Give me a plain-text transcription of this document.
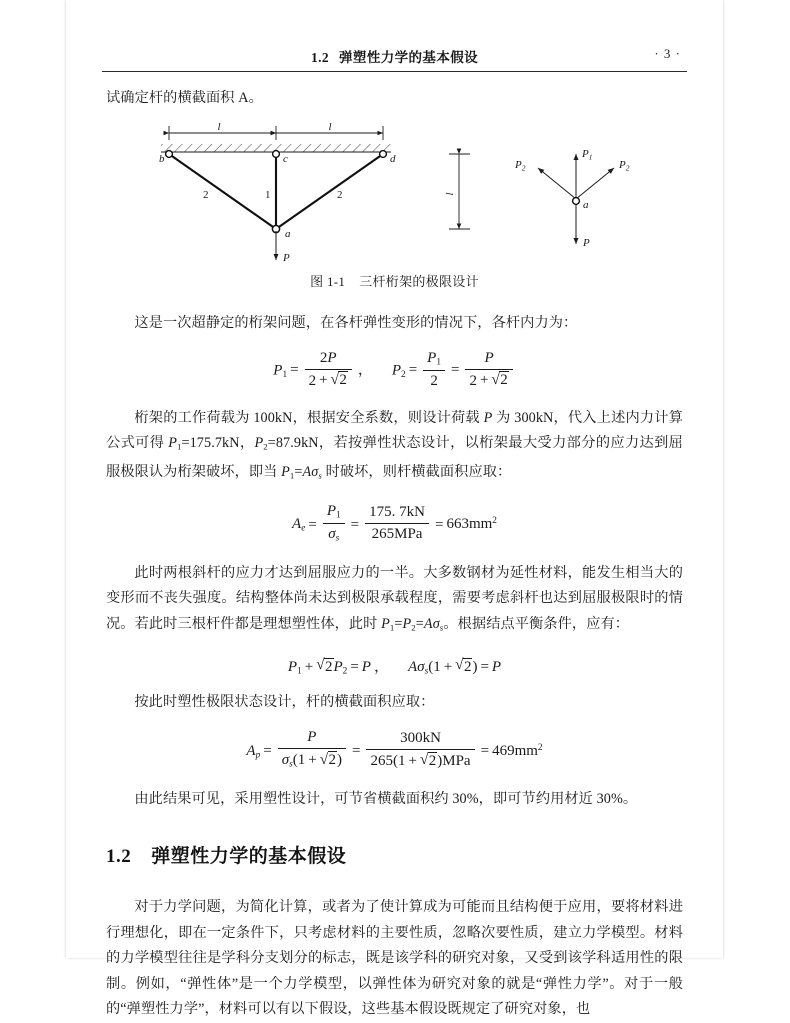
1.2 弹塑性力学的基本假设	· 3 ·

试确定杆的横截面积 A。

l	l
b	c	d
a
2	1	2
P
l
$P_1$
$P_2$	$P_2$
a
P
图 1-1 三杆桁架的极限设计

这是一次超静定的桁架问题，在各杆弹性变形的情况下，各杆内力为：

$P_1 = \frac{2P}{2 + √ 2}$ ， $P_2 = \frac{P_1}{2} = \frac{P}{2 + √ 2}$

桁架的工作荷载为 100kN，根据安全系数，则设计荷载 P 为 300kN，代入上述内力计算公式可得 $P_1=175.7kN$，$P_2=87.9kN$，若按弹性状态设计，以桁架最大受力部分的应力达到屈服极限认为桁架破坏，即当 $P_1=A\sigma_s$ 时破坏，则杆横截面积应取：

$A_e = \frac{P_1}{\sigma_s} = \frac{175. 7kN}{\text{265MPa}} = 663mm^2$

此时两根斜杆的应力才达到屈服应力的一半。大多数钢材为延性材料，能发生相当大的变形而不丧失强度。结构整体尚未达到极限承载程度，需要考虑斜杆也达到屈服极限时的情况。若此时三根杆件都是理想塑性体，此时 $P_1=P_2=A\sigma_s$。根据结点平衡条件，应有：

$P_1$ + √ $2P_2 = P$ ， $A\sigma_s(1$ + √ 2) = P

按此时塑性极限状态设计，杆的横截面积应取：

$A_p = \frac{P}{\sigma_s(1 + √ 2)} = \frac{300kN}{\text{265(1 + √ 2)MPa}} = 469mm^2$

由此结果可见，采用塑性设计，可节省横截面积约 30%，即可节约用材近 30%。

1.2 弹塑性力学的基本假设

对于力学问题，为简化计算，或者为了使计算成为可能而且结构便于应用，要将材料进行理想化，即在一定条件下，只考虑材料的主要性质，忽略次要性质，建立力学模型。材料的力学模型往往是学科分支划分的标志，既是该学科的研究对象，又受到该学科适用性的限制。例如，“弹性体”是一个力学模型，以弹性体为研究对象的就是“弹性力学”。对于一般的“弹塑性力学”，材料可以有以下假设，这些基本假设既规定了研究对象，也
